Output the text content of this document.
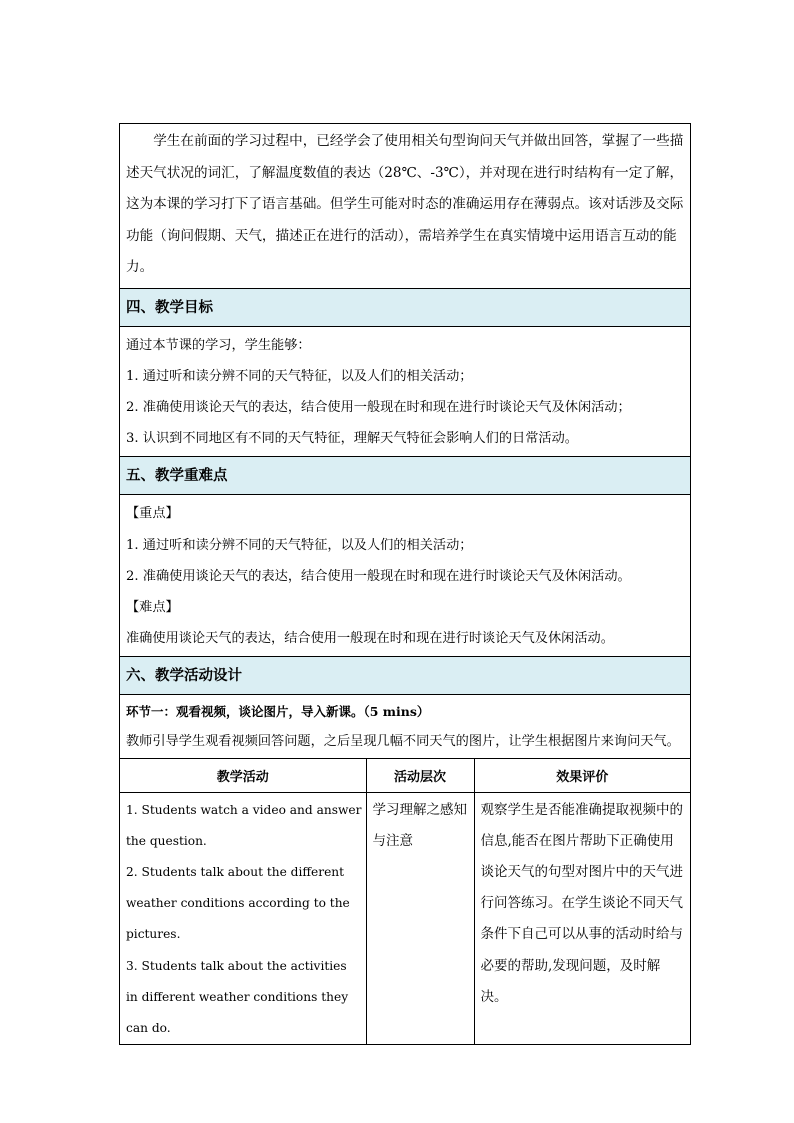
学生在前面的学习过程中，已经学会了使用相关句型询问天气并做出回答，掌握了一些描述天气状况的词汇，了解温度数值的表达（28℃、-3℃），并对现在进行时结构有一定了解，这为本课的学习打下了语言基础。但学生可能对时态的准确运用存在薄弱点。该对话涉及交际功能（询问假期、天气，描述正在进行的活动），需培养学生在真实情境中运用语言互动的能力。

四、教学目标

通过本节课的学习，学生能够：

1. 通过听和读分辨不同的天气特征，以及人们的相关活动；

2. 准确使用谈论天气的表达，结合使用一般现在时和现在进行时谈论天气及休闲活动；

3. 认识到不同地区有不同的天气特征，理解天气特征会影响人们的日常活动。

五、教学重难点

【重点】

1. 通过听和读分辨不同的天气特征，以及人们的相关活动；

2. 准确使用谈论天气的表达，结合使用一般现在时和现在进行时谈论天气及休闲活动。

【难点】

准确使用谈论天气的表达，结合使用一般现在时和现在进行时谈论天气及休闲活动。

六、教学活动设计

环节一：观看视频，谈论图片，导入新课。（5 mins）

教师引导学生观看视频回答问题，之后呈现几幅不同天气的图片，让学生根据图片来询问天气。

教学活动	活动层次	效果评价

1. Students watch a video and answer the question.

2. Students talk about the different weather conditions according to the pictures.

3. Students talk about the activities in different weather conditions they can do.	学习理解之感知与注意	观察学生是否能准确提取视频中的信息,能否在图片帮助下正确使用谈论天气的句型对图片中的天气进行问答练习。在学生谈论不同天气条件下自己可以从事的活动时给与必要的帮助,发现问题，及时解决。
